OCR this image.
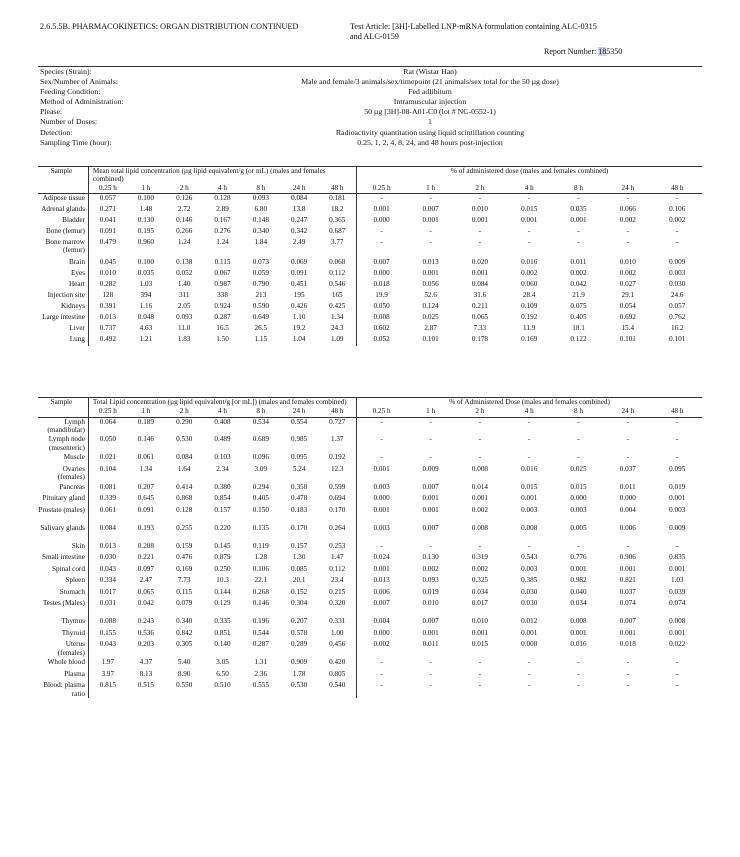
2.6.5.5B. PHARMACOKINETICS: ORGAN DISTRIBUTION CONTINUED	Test Article: [3H]-Labelled LNP-mRNA formulation containing ALC-0315
and ALC-0159
Report Number: 185350
Species (Strain):	Rat (Wistar Han)
Sex/Number of Animals:	Male and female/3 animals/sex/timepoint (21 animals/sex total for the 50 µg dose)
Feeding Condition:	Fed adlibitum
Method of Administration:	Intramuscular injection
Please:	50 µg [3H]-08-A01-C0 (lot # NC-0552-1)
Number of Doses:	1
Detection:	Radioactivity quantitation using liquid scintillation counting
Sampling Time (hour):	0.25, 1, 2, 4, 8, 24, and 48 hours post-injection
Sample	Mean total lipid concentration (µg lipid equivalent/g (or mL) (males and females combined)							% of administered dose (males and females combined)						
	0.25 h	1 h	2 h	4 h	8 h	24 h	48 h	0.25 h	1 h	2 h	4 h	8 h	24 h	48 h
Adipose tissue	0.057	0.100	0.126	0.128	0.093	0.084	0.181	-	-	-	-	-	-	-
Adrenal glands	0.271	1.48	2.72	2.89	6.80	13.8	18.2	0.001	0.007	0.010	0.015	0.035	0.066	0.106
Bladder	0.041	0.130	0.146	0.167	0.148	0.247	0.365	0.000	0.001	0.001	0.001	0.001	0.002	0.002
Bone (femur)	0.091	0.195	0.266	0.276	0.340	0.342	0.687	-	-	-	-	-	-	-
Bone marrow (femur)	0.479	0.960	1.24	1.24	1.84	2.49	3.77	-	-	-	-	-	-	-
Brain	0.045	0.100	0.138	0.115	0.073	0.069	0.068	0.007	0.013	0.020	0.016	0.011	0.010	0.009
Eyes	0.010	0.035	0.052	0.067	0.059	0.091	0.112	0.000	0.001	0.001	0.002	0.002	0.002	0.003
Heart	0.282	1.03	1.40	0.987	0.790	0.451	0.546	0.018	0.056	0.084	0.060	0.042	0.027	0.030
Injection site	128	394	311	338	213	195	165	19.9	52.6	31.6	28.4	21.9	29.1	24.6
Kidneys	0.391	1.16	2.05	0.924	0.590	0.426	0.425	0.050	0.124	0.211	0.109	0.075	0.054	0.057
Large intestine	0.013	0.048	0.093	0.287	0.649	1.10	1.34	0.008	0.025	0.065	0.192	0.405	0.692	0.762
Liver	0.737	4.63	11.0	16.5	26.5	19.2	24.3	0.602	2.87	7.33	11.9	18.1	15.4	16.2
Lung	0.492	1.21	1.83	1.50	1.15	1.04	1.09	0.052	0.101	0.178	0.169	0.122	0.101	0.101
Sample	Total Lipid concentration (µg lipid equivalent/g [or mL]) (males and females combined)							% of Administered Dose (males and females combined)						
	0.25 h	1 h	2 h	4 h	8 h	24 h	48 h	0.25 h	1 h	2 h	4 h	8 h	24 h	48 h
Lymph (mandibular)	0.064	0.189	0.290	0.408	0.534	0.554	0.727	-	-	-	-	-	-	-
Lymph node (mesenteric)	0.050	0.146	0.530	0.489	0.689	0.985	1.37	-	-	-	-	-	-	-
Muscle	0.021	0.061	0.084	0.103	0.096	0.095	0.192	-	-	-	-	-	-	-
Ovaries (females)	0.104	1.34	1.64	2.34	3.09	5.24	12.3	0.001	0.009	0.008	0.016	0.025	0.037	0.095
Pancreas	0.081	0.207	0.414	0.380	0.294	0.358	0.599	0.003	0.007	0.014	0.015	0.015	0.011	0.019
Pituitary gland	0.339	0.645	0.868	0.854	0.405	0.478	0.694	0.000	0.001	0.001	0.001	0.000	0.000	0.001
Prostate (males)	0.061	0.091	0.128	0.157	0.150	0.183	0.170	0.001	0.001	0.002	0.003	0.003	0.004	0.003
Salivary glands	0.084	0.193	0.255	0.220	0.135	0.170	0.264	0.003	0.007	0.008	0.008	0.005	0.006	0.009
Skin	0.013	0.208	0.159	0.145	0.119	0.157	0.253	-	-	-	-	-	-	-
Small intestine	0.030	0.221	0.476	0.879	1.28	1.30	1.47	0.024	0.130	0.319	0.543	0.776	0.906	0.835
Spinal cord	0.043	0.097	0.169	0.250	0.106	0.085	0.112	0.001	0.002	0.002	0.003	0.001	0.001	0.001
Spleen	0.334	2.47	7.73	10.3	22.1	20.1	23.4	0.013	0.093	0.325	0.385	0.982	0.821	1.03
Stomach	0.017	0.065	0.115	0.144	0.268	0.152	0.215	0.006	0.019	0.034	0.030	0.040	0.037	0.039
Testes (Males)	0.031	0.042	0.079	0.129	0.146	0.304	0.320	0.007	0.010	0.017	0.030	0.034	0.074	0.074
Thymus	0.088	0.243	0.340	0.335	0.196	0.207	0.331	0.004	0.007	0.010	0.012	0.008	0.007	0.008
Thyroid	0.155	0.536	0.842	0.851	0.544	0.578	1.00	0.000	0.001	0.001	0.001	0.001	0.001	0.001
Uterus (females)	0.043	0.203	0.305	0.140	0.287	0.289	0.456	0.002	0.011	0.015	0.008	0.016	0.018	0.022
Whole blood	1.97	4.37	5.40	3.05	1.31	0.909	0.420	-	-	-	-	-	-	-
Plasma	3.97	8.13	8.90	6.50	2.36	1.78	0.805	-	-	-	-	-	-	-
Blood: plasma ratio	0.815	0.515	0.550	0.510	0.555	0.530	0.540	-	-	-	-	-	-	-
